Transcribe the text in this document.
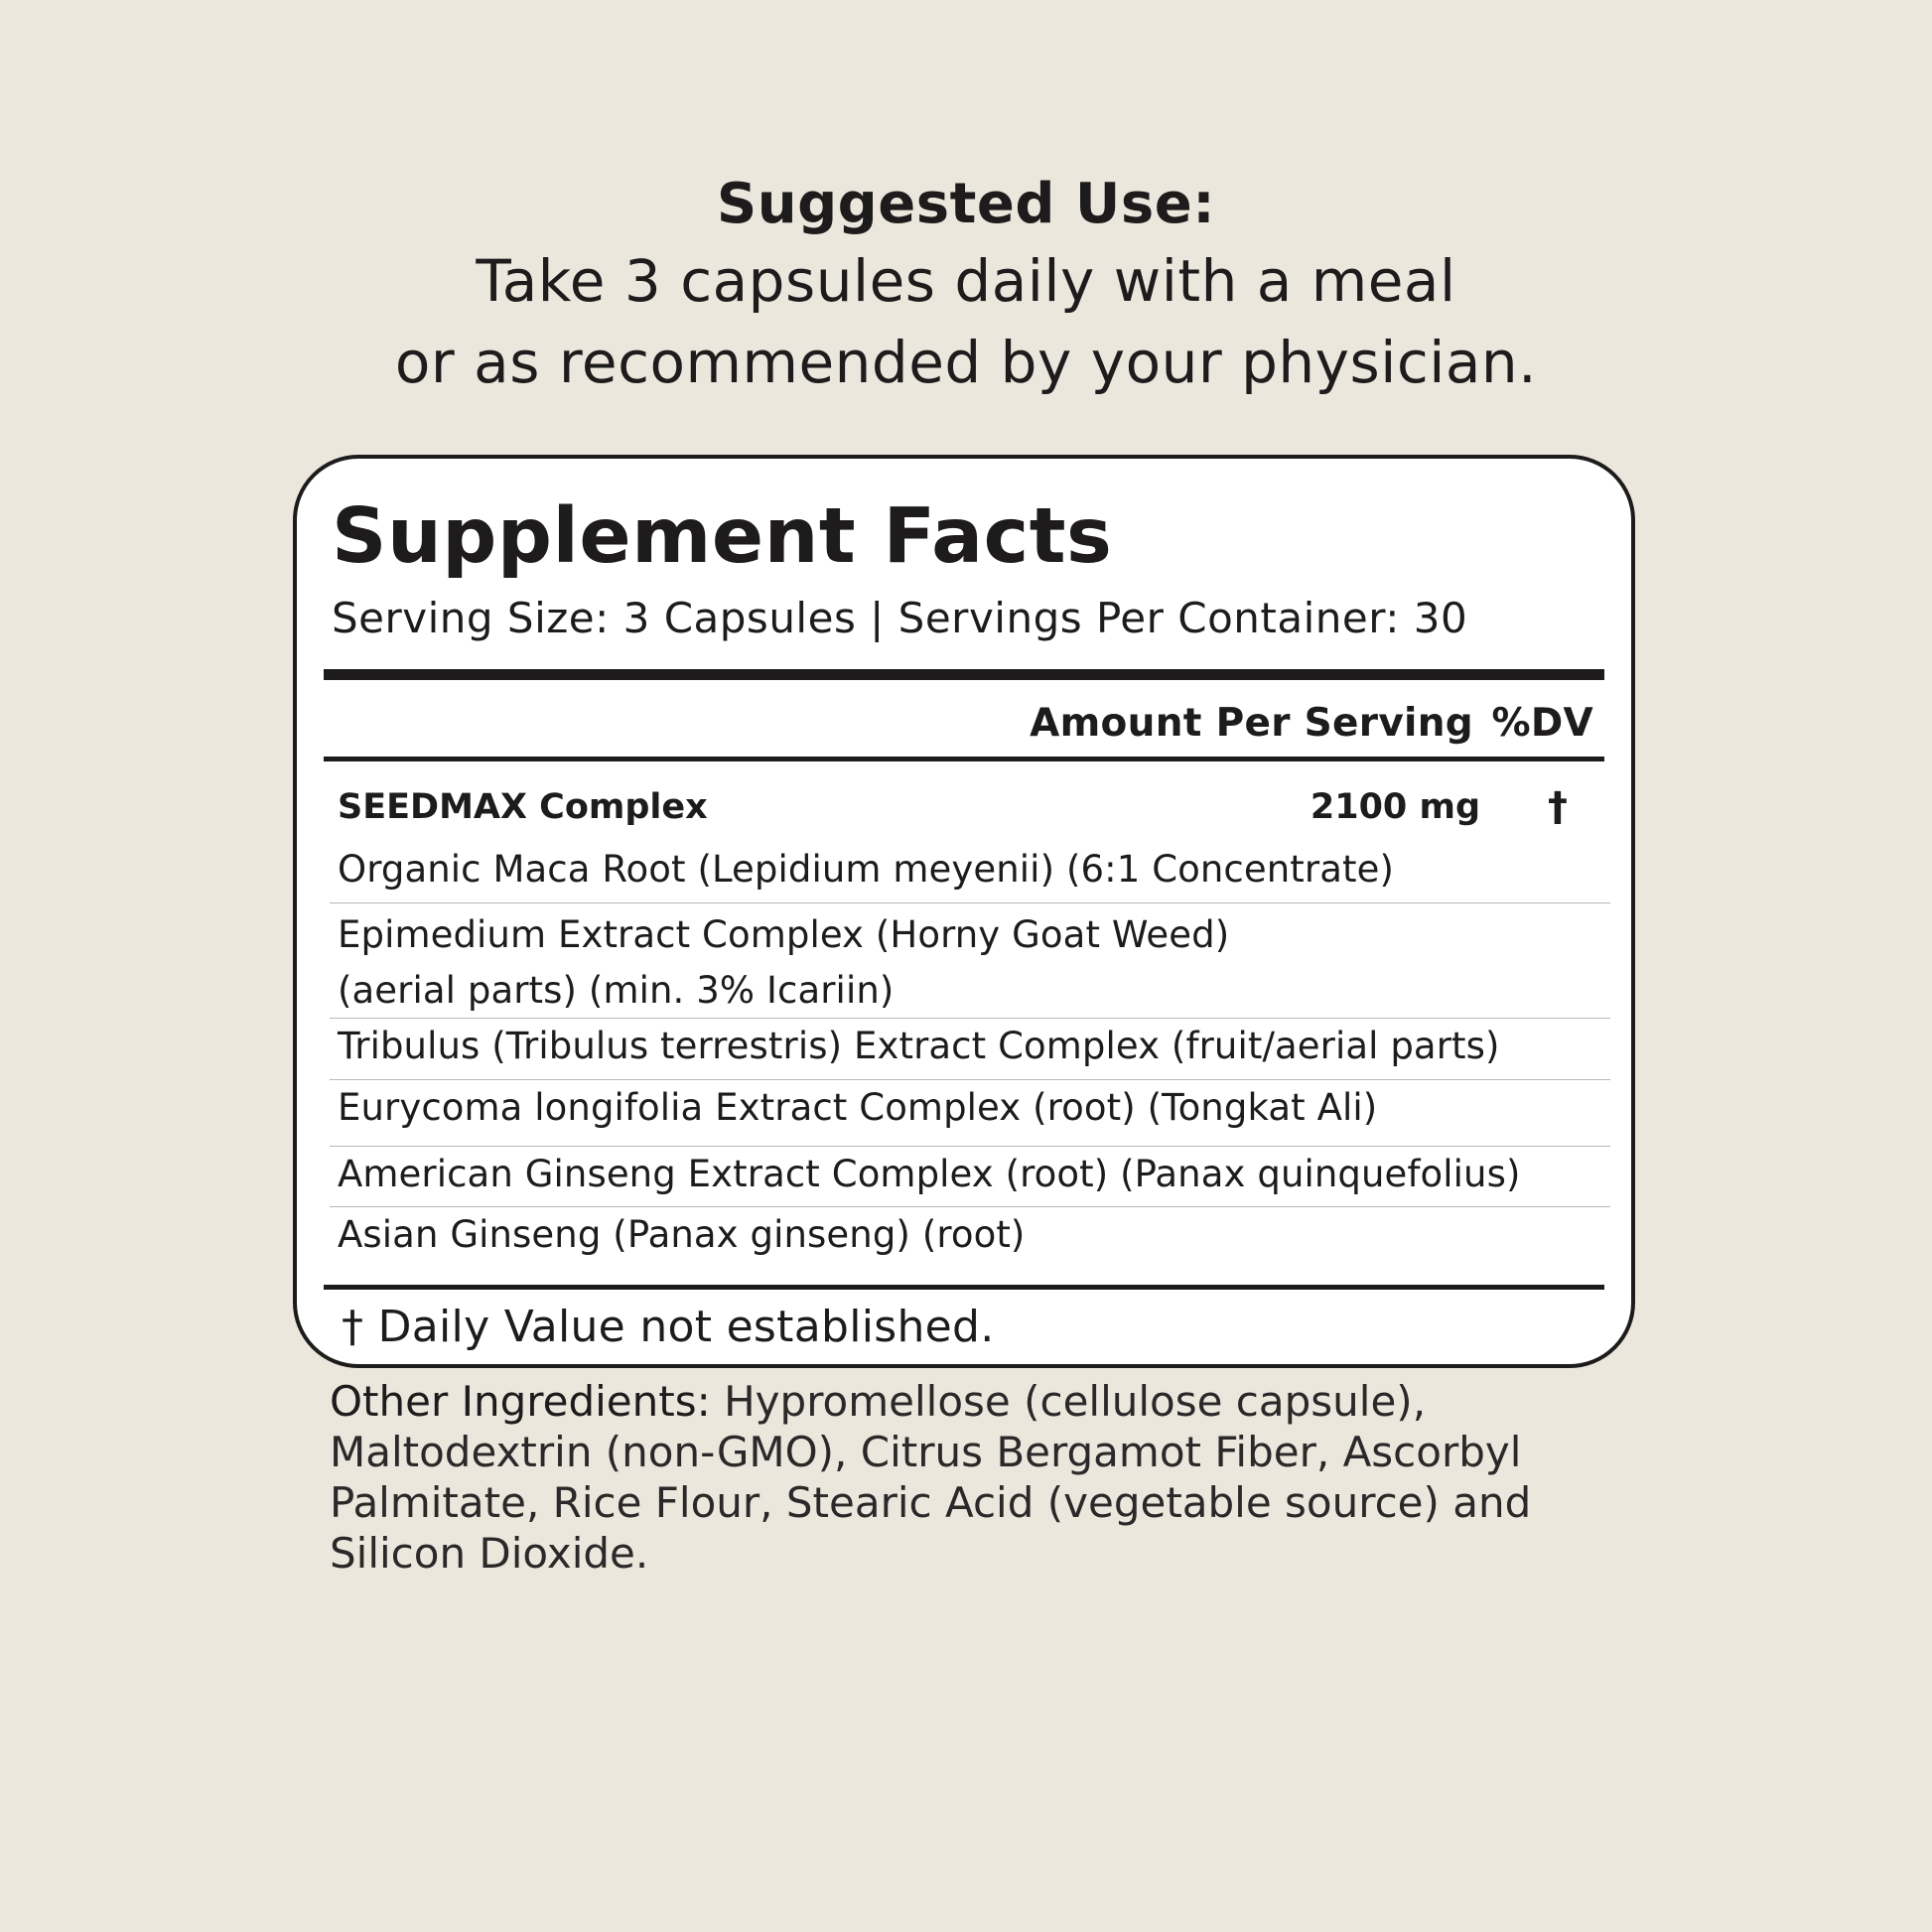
Suggested Use:
Take 3 capsules daily with a meal
or as recommended by your physician.
Supplement Facts
Serving Size: 3 Capsules | Servings Per Container: 30
Amount Per Serving %DV
SEEDMAX Complex	2100 mg †
Organic Maca Root (Lepidium meyenii) (6:1 Concentrate)
Epimedium Extract Complex (Horny Goat Weed)
(aerial parts) (min. 3% Icariin)
Tribulus (Tribulus terrestris) Extract Complex (fruit/aerial parts)
Eurycoma longifolia Extract Complex (root) (Tongkat Ali)
American Ginseng Extract Complex (root) (Panax quinquefolius)
Asian Ginseng (Panax ginseng) (root)
† Daily Value not established.
Other Ingredients: Hypromellose (cellulose capsule), Maltodextrin (non-GMO), Citrus Bergamot Fiber, Ascorbyl Palmitate, Rice Flour, Stearic Acid (vegetable source) and Silicon Dioxide.
